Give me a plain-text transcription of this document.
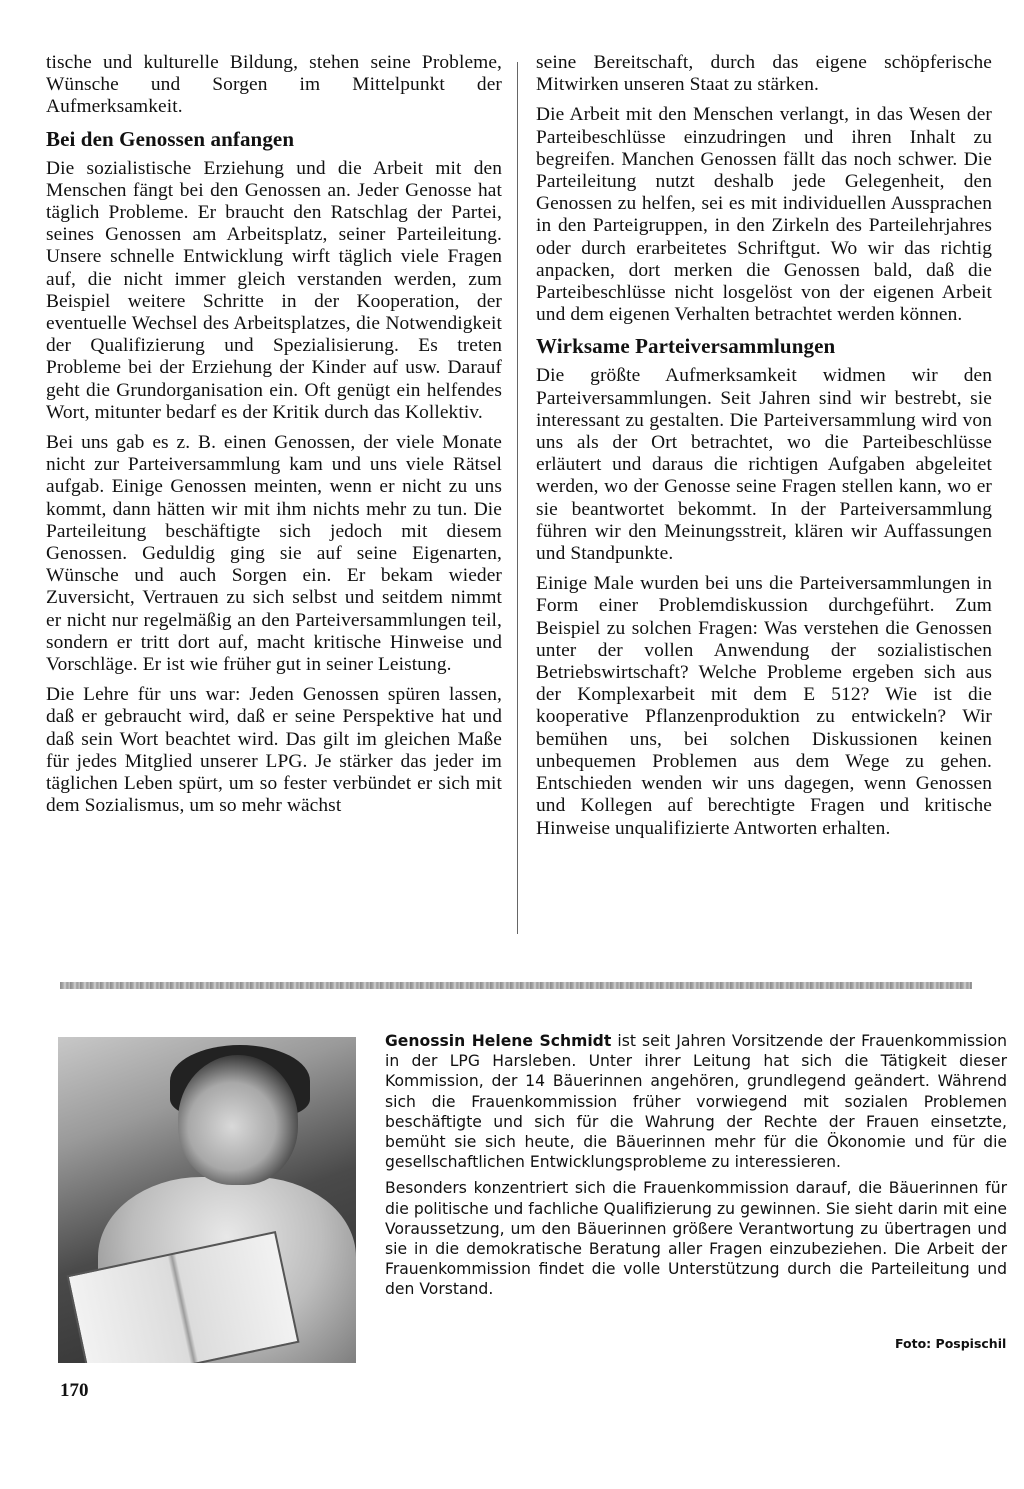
tische und kulturelle Bildung, stehen seine Probleme, Wünsche und Sorgen im Mittelpunkt der Aufmerksamkeit.

Bei den Genossen anfangen

Die sozialistische Erziehung und die Arbeit mit den Menschen fängt bei den Genossen an. Jeder Genosse hat täglich Probleme. Er braucht den Ratschlag der Partei, seines Genossen am Arbeitsplatz, seiner Parteileitung. Unsere schnelle Entwicklung wirft täglich viele Fragen auf, die nicht immer gleich verstanden werden, zum Beispiel weitere Schritte in der Kooperation, der eventuelle Wechsel des Arbeitsplatzes, die Notwendigkeit der Qualifizierung und Spezialisierung. Es treten Probleme bei der Erziehung der Kinder auf usw. Darauf geht die Grundorganisation ein. Oft genügt ein helfendes Wort, mitunter bedarf es der Kritik durch das Kollektiv.

Bei uns gab es z. B. einen Genossen, der viele Monate nicht zur Parteiversammlung kam und uns viele Rätsel aufgab. Einige Genossen meinten, wenn er nicht zu uns kommt, dann hätten wir mit ihm nichts mehr zu tun. Die Parteileitung beschäftigte sich jedoch mit diesem Genossen. Geduldig ging sie auf seine Eigenarten, Wünsche und auch Sorgen ein. Er bekam wieder Zuversicht, Vertrauen zu sich selbst und seitdem nimmt er nicht nur regelmäßig an den Parteiversammlungen teil, sondern er tritt dort auf, macht kritische Hinweise und Vorschläge. Er ist wie früher gut in seiner Leistung.

Die Lehre für uns war: Jeden Genossen spüren lassen, daß er gebraucht wird, daß er seine Perspektive hat und daß sein Wort beachtet wird. Das gilt im gleichen Maße für jedes Mitglied unserer LPG. Je stärker das jeder im täglichen Leben spürt, um so fester verbündet er sich mit dem Sozialismus, um so mehr wächst

seine Bereitschaft, durch das eigene schöpferische Mitwirken unseren Staat zu stärken.

Die Arbeit mit den Menschen verlangt, in das Wesen der Parteibeschlüsse einzudringen und ihren Inhalt zu begreifen. Manchen Genossen fällt das noch schwer. Die Parteileitung nutzt deshalb jede Gelegenheit, den Genossen zu helfen, sei es mit individuellen Aussprachen in den Parteigruppen, in den Zirkeln des Parteilehrjahres oder durch erarbeitetes Schriftgut. Wo wir das richtig anpacken, dort merken die Genossen bald, daß die Parteibeschlüsse nicht losgelöst von der eigenen Arbeit und dem eigenen Verhalten betrachtet werden können.

Wirksame Parteiversammlungen

Die größte Aufmerksamkeit widmen wir den Parteiversammlungen. Seit Jahren sind wir bestrebt, sie interessant zu gestalten. Die Parteiversammlung wird von uns als der Ort betrachtet, wo die Parteibeschlüsse erläutert und daraus die richtigen Aufgaben abgeleitet werden, wo der Genosse seine Fragen stellen kann, wo er sie beantwortet bekommt. In der Parteiversammlung führen wir den Meinungsstreit, klären wir Auffassungen und Standpunkte.

Einige Male wurden bei uns die Parteiversammlungen in Form einer Problemdiskussion durchgeführt. Zum Beispiel zu solchen Fragen: Was verstehen die Genossen unter der vollen Anwendung der sozialistischen Betriebswirtschaft? Welche Probleme ergeben sich aus der Komplexarbeit mit dem E 512? Wie ist die kooperative Pflanzenproduktion zu entwickeln? Wir bemühen uns, bei solchen Diskussionen keinen unbequemen Problemen aus dem Wege zu gehen. Entschieden wenden wir uns dagegen, wenn Genossen und Kollegen auf berechtigte Fragen und kritische Hinweise unqualifizierte Antworten erhalten.

Genossin Helene Schmidt ist seit Jahren Vorsitzende der Frauenkommission in der LPG Harsleben. Unter ihrer Leitung hat sich die Tätigkeit dieser Kommission, der 14 Bäuerinnen angehören, grundlegend geändert. Während sich die Frauenkommission früher vorwiegend mit sozialen Problemen beschäftigte und sich für die Wahrung der Rechte der Frauen einsetzte, bemüht sie sich heute, die Bäuerinnen mehr für die Ökonomie und für die gesellschaftlichen Entwicklungsprobleme zu interessieren.

Besonders konzentriert sich die Frauenkommission darauf, die Bäuerinnen für die politische und fachliche Qualifizierung zu gewinnen. Sie sieht darin mit eine Voraussetzung, um den Bäuerinnen größere Verantwortung zu übertragen und sie in die demokratische Beratung aller Fragen einzubeziehen. Die Arbeit der Frauenkommission findet die volle Unterstützung durch die Parteileitung und den Vorstand.

Foto: Pospischil
170
